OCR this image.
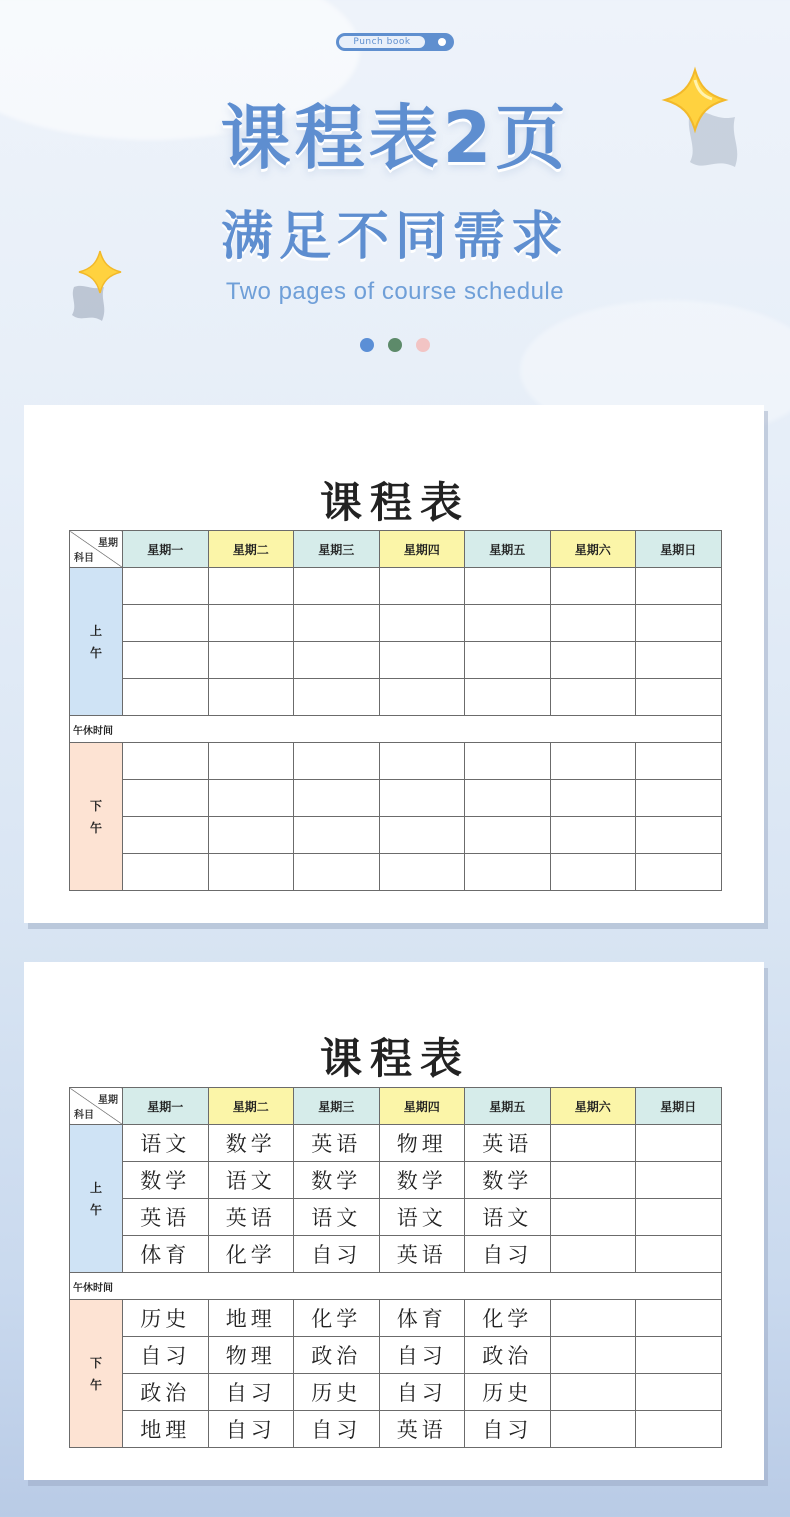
Punch book
课程表2页
满足不同需求
Two pages of course schedule
课程表
星期
科目	星期一	星期二	星期三	星期四	星期五	星期六	星期日
上
午							

午休时间							
下
午							

课程表
星期
科目	星期一	星期二	星期三	星期四	星期五	星期六	星期日
上
午	语文	数学	英语	物理	英语		
	数学	语文	数学	数学	数学		
	英语	英语	语文	语文	语文		
	体育	化学	自习	英语	自习		
午休时间							
下
午	历史	地理	化学	体育	化学		
	自习	物理	政治	自习	政治		
	政治	自习	历史	自习	历史		
	地理	自习	自习	英语	自习		
